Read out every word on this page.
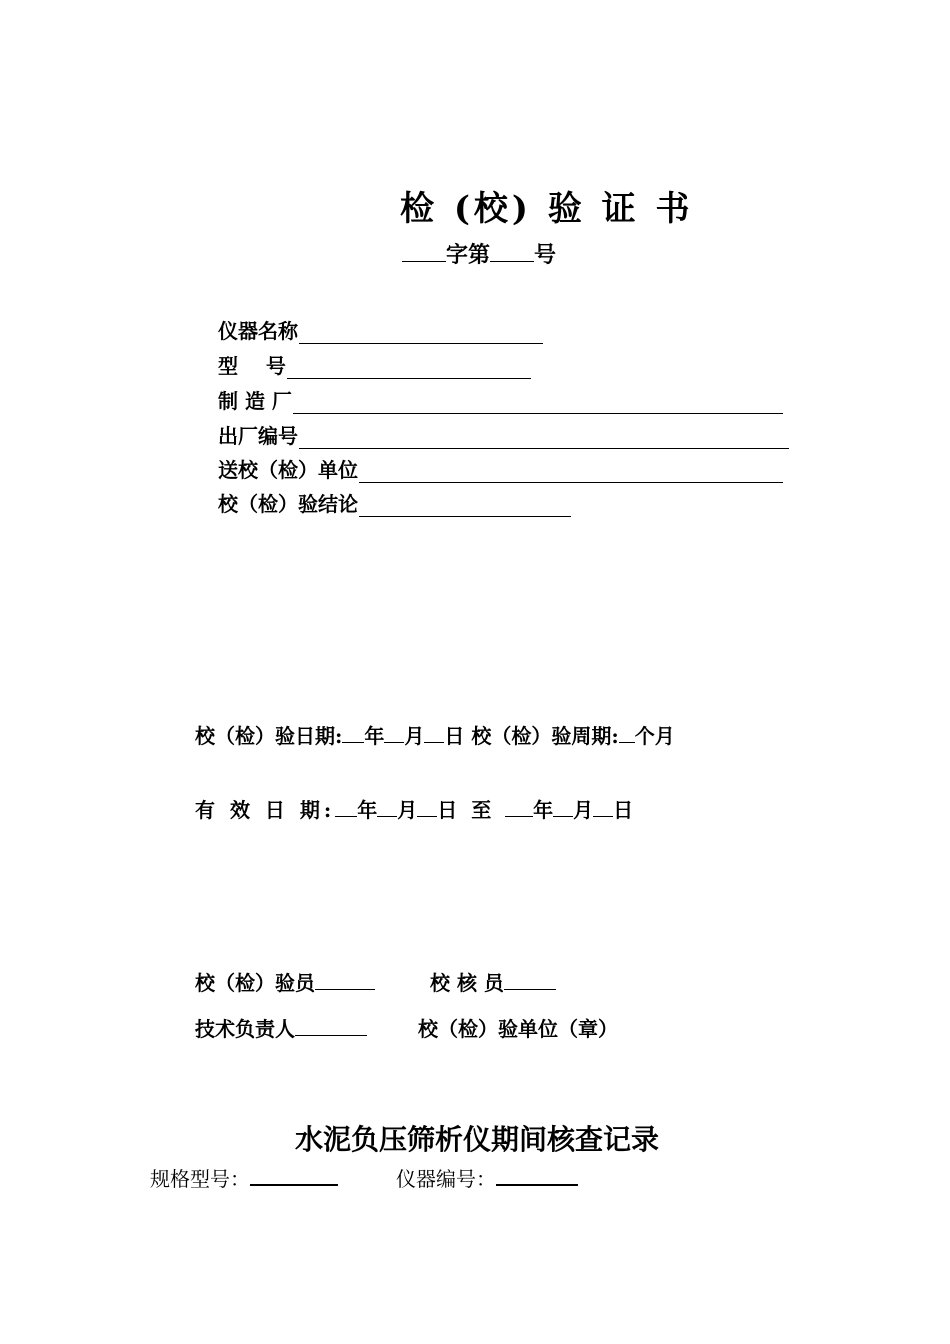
检 (校) 验 证 书
字第 号
仪器名称
型    号
制 造 厂
出厂编号
送校（检）单位
校（检）验结论
校（检）验日期: 年 月 日 校（检）验周期: 个月
有 效 日 期: 年 月 日 至 年 月 日
校（检）验员	校 核 员
技术负责人	校（检）验单位（章）
水泥负压筛析仪期间核查记录
规格型号：	仪器编号：
